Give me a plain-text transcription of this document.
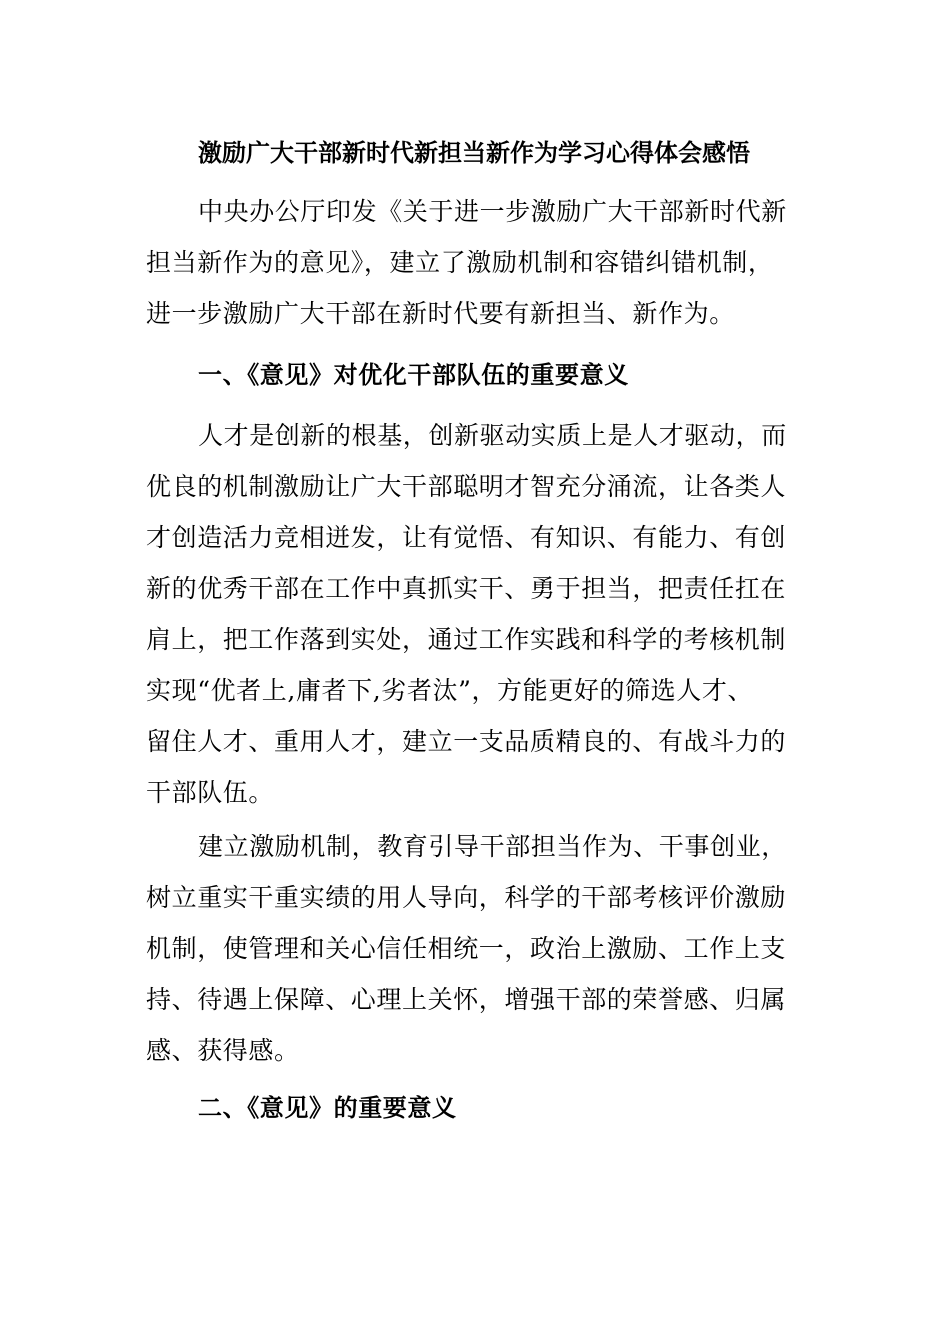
激励广大干部新时代新担当新作为学习心得体会感悟
中央办公厅印发《关于进一步激励广大干部新时代新
担当新作为的意见》，建立了激励机制和容错纠错机制，
进一步激励广大干部在新时代要有新担当、新作为。
一、《意见》对优化干部队伍的重要意义
人才是创新的根基，创新驱动实质上是人才驱动，而
优良的机制激励让广大干部聪明才智充分涌流，让各类人
才创造活力竞相迸发，让有觉悟、有知识、有能力、有创
新的优秀干部在工作中真抓实干、勇于担当，把责任扛在
肩上，把工作落到实处，通过工作实践和科学的考核机制
实现“优者上,庸者下,劣者汰”，方能更好的筛选人才、
留住人才、重用人才，建立一支品质精良的、有战斗力的
干部队伍。
建立激励机制，教育引导干部担当作为、干事创业，
树立重实干重实绩的用人导向，科学的干部考核评价激励
机制，使管理和关心信任相统一，政治上激励、工作上支
持、待遇上保障、心理上关怀，增强干部的荣誉感、归属
感、获得感。
二、《意见》的重要意义
